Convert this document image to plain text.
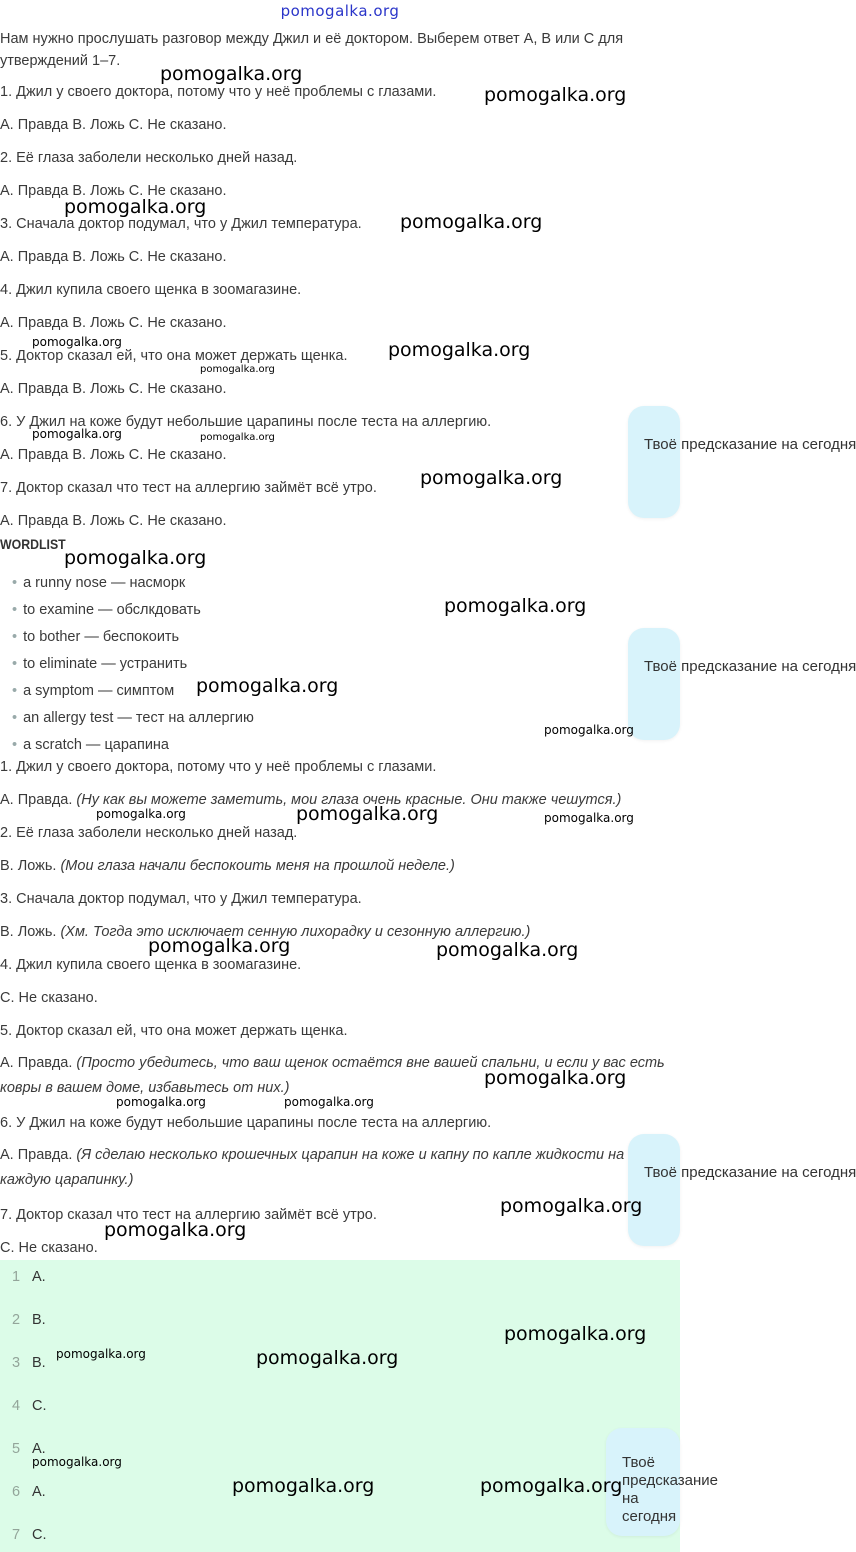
pomogalka.org
Нам нужно прослушать разговор между Джил и её доктором. Выберем ответ A, B или C для утверждений 1–7.
1. Джил у своего доктора, потому что у неё проблемы с глазами.
A. Правда B. Ложь C. Не сказано.
2. Её глаза заболели несколько дней назад.
A. Правда B. Ложь C. Не сказано.
3. Сначала доктор подумал, что у Джил температура.
A. Правда B. Ложь C. Не сказано.
4. Джил купила своего щенка в зоомагазине.
A. Правда B. Ложь C. Не сказано.
5. Доктор сказал ей, что она может держать щенка.
A. Правда B. Ложь C. Не сказано.
6. У Джил на коже будут небольшие царапины после теста на аллергию.
A. Правда B. Ложь C. Не сказано.
7. Доктор сказал что тест на аллергию займёт всё утро.
A. Правда B. Ложь C. Не сказано.
WORDLIST
• a runny nose — насморк
• to examine — обслкдовать
• to bother — беспокоить
• to eliminate — устранить
• a symptom — симптом
• an allergy test — тест на аллергию
• a scratch — царапина
1. Джил у своего доктора, потому что у неё проблемы с глазами.
A. Правда. (Ну как вы можете заметить, мои глаза очень красные. Они также чешутся.)
2. Её глаза заболели несколько дней назад.
B. Ложь. (Мои глаза начали беспокоить меня на прошлой неделе.)
3. Сначала доктор подумал, что у Джил температура.
B. Ложь. (Хм. Тогда это исключает сенную лихорадку и сезонную аллергию.)
4. Джил купила своего щенка в зоомагазине.
C. Не сказано.
5. Доктор сказал ей, что она может держать щенка.
A. Правда. (Просто убедитесь, что ваш щенок остаётся вне вашей спальни, и если у вас есть ковры в вашем доме, избавьтесь от них.)
6. У Джил на коже будут небольшие царапины после теста на аллергию.
A. Правда. (Я сделаю несколько крошечных царапин на коже и капну по капле жидкости на каждую царапинку.)
7. Доктор сказал что тест на аллергию займёт всё утро.
C. Не сказано.
1 A.
2 B.
3 B.
4 C.
5 A.
6 A.
7 C.
Твоё предсказание на сегодня
Твоё предсказание на сегодня
Твоё предсказание на сегодня
Твоё предсказание на сегодня
pomogalka.org
pomogalka.org
pomogalka.org
pomogalka.org
pomogalka.org	pomogalka.org
pomogalka.org
pomogalka.org	pomogalka.org
pomogalka.org
pomogalka.org
pomogalka.org
pomogalka.org
pomogalka.org
pomogalka.org	pomogalka.org	pomogalka.org
pomogalka.org	pomogalka.org
pomogalka.org
pomogalka.org	pomogalka.org
pomogalka.org
pomogalka.org
pomogalka.org
pomogalka.org	pomogalka.org
pomogalka.org
pomogalka.org	pomogalka.org
